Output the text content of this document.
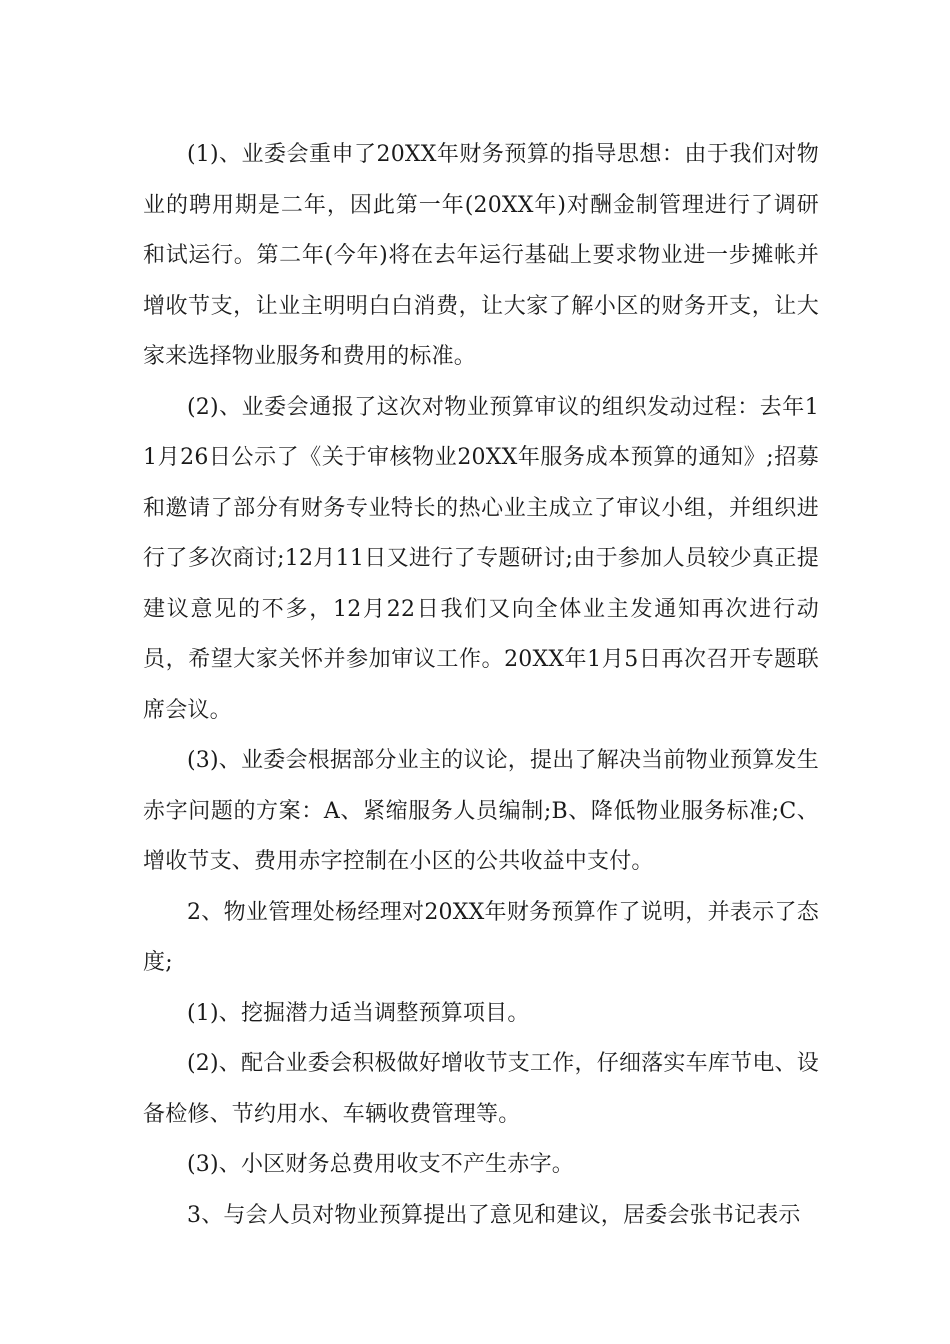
(1)、业委会重申了20XX年财务预算的指导思想：由于我们对物业的聘用期是二年，因此第一年(20XX年)对酬金制管理进行了调研和试运行。第二年(今年)将在去年运行基础上要求物业进一步摊帐并增收节支，让业主明明白白消费，让大家了解小区的财务开支，让大家来选择物业服务和费用的标准。

(2)、业委会通报了这次对物业预算审议的组织发动过程：去年11月26日公示了《关于审核物业20XX年服务成本预算的通知》;招募和邀请了部分有财务专业特长的热心业主成立了审议小组，并组织进行了多次商讨;12月11日又进行了专题研讨;由于参加人员较少真正提建议意见的不多，12月22日我们又向全体业主发通知再次进行动员，希望大家关怀并参加审议工作。20XX年1月5日再次召开专题联席会议。

(3)、业委会根据部分业主的议论，提出了解决当前物业预算发生赤字问题的方案：A、紧缩服务人员编制;B、降低物业服务标准;C、增收节支、费用赤字控制在小区的公共收益中支付。

2、物业管理处杨经理对20XX年财务预算作了说明，并表示了态度;

(1)、挖掘潜力适当调整预算项目。

(2)、配合业委会积极做好增收节支工作，仔细落实车库节电、设备检修、节约用水、车辆收费管理等。

(3)、小区财务总费用收支不产生赤字。

3、与会人员对物业预算提出了意见和建议，居委会张书记表示
